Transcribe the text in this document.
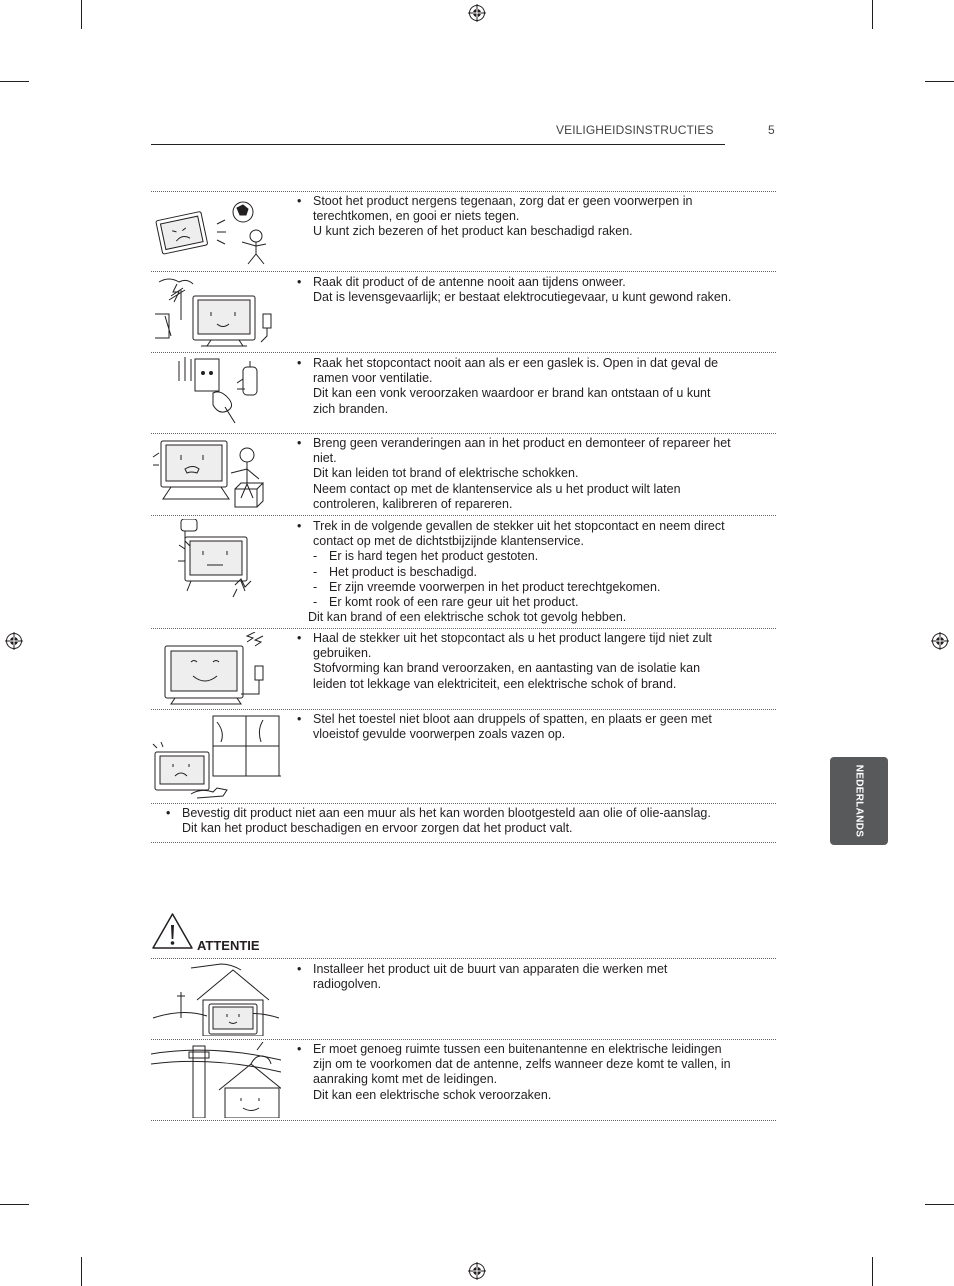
VEILIGHEIDSINSTRUCTIES	5
NEDERLANDS
• Stoot het product nergens tegenaan, zorg dat er geen voorwerpen in
terechtkomen, en gooi er niets tegen.
U kunt zich bezeren of het product kan beschadigd raken.
• Raak dit product of de antenne nooit aan tijdens onweer.
Dat is levensgevaarlijk; er bestaat elektrocutiegevaar, u kunt gewond raken.
• Raak het stopcontact nooit aan als er een gaslek is. Open in dat geval de
ramen voor ventilatie.
Dit kan een vonk veroorzaken waardoor er brand kan ontstaan of u kunt
zich branden.
• Breng geen veranderingen aan in het product en demonteer of repareer het
niet.
Dit kan leiden tot brand of elektrische schokken.
Neem contact op met de klantenservice als u het product wilt laten
controleren, kalibreren of repareren.
• Trek in de volgende gevallen de stekker uit het stopcontact en neem direct
contact op met de dichtstbijzijnde klantenservice.
- Er is hard tegen het product gestoten.
- Het product is beschadigd.
- Er zijn vreemde voorwerpen in het product terechtgekomen.
- Er komt rook of een rare geur uit het product.
Dit kan brand of een elektrische schok tot gevolg hebben.
• Haal de stekker uit het stopcontact als u het product langere tijd niet zult
gebruiken.
Stofvorming kan brand veroorzaken, en aantasting van de isolatie kan
leiden tot lekkage van elektriciteit, een elektrische schok of brand.
• Stel het toestel niet bloot aan druppels of spatten, en plaats er geen met
vloeistof gevulde voorwerpen zoals vazen op.
• Bevestig dit product niet aan een muur als het kan worden blootgesteld aan olie of olie-aanslag.
Dit kan het product beschadigen en ervoor zorgen dat het product valt.
ATTENTIE
• Installeer het product uit de buurt van apparaten die werken met
radiogolven.
• Er moet genoeg ruimte tussen een buitenantenne en elektrische leidingen
zijn om te voorkomen dat de antenne, zelfs wanneer deze komt te vallen, in
aanraking komt met de leidingen.
Dit kan een elektrische schok veroorzaken.
